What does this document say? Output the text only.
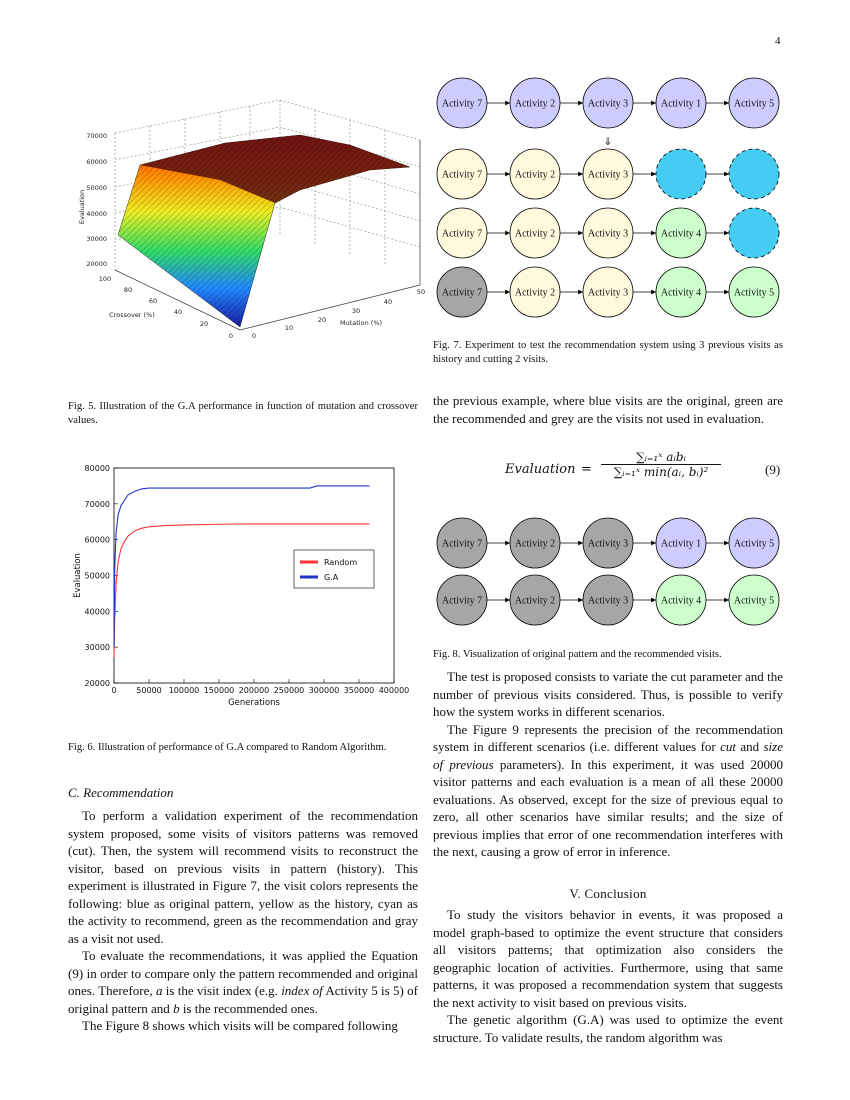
4
70000
60000
50000
40000
30000
20000
Evaluation
100
80
60
40
20
0
Crossover (%)
0
10
20
30
40
50
Mutation (%)
Fig. 5. Illustration of the G.A performance in function of mutation and crossover values.
0 50000 100000 150000 200000 250000 300000 350000 400000
20000
30000
40000
50000
60000
70000
80000
Generations
Evaluation	Random
G.A
Fig. 6. Illustration of performance of G.A compared to Random Algorithm.
C. Recommendation

To perform a validation experiment of the recommendation system proposed, some visits of visitors patterns was removed (cut). Then, the system will recommend visits to reconstruct the visitor, based on previous visits in pattern (history). This experiment is illustrated in Figure 7, the visit colors represents the following: blue as original pattern, yellow as the history, cyan as the activity to recommend, green as the recommendation and gray as a visit not used.

To evaluate the recommendations, it was applied the Equation (9) in order to compare only the pattern recommended and original ones. Therefore, a is the visit index (e.g. index of Activity 5 is 5) of original pattern and b is the recommended ones.

The Figure 8 shows which visits will be compared following

Activity 7	Activity 2	Activity 3	Activity 1	Activity 5
Activity 7	Activity 2	Activity 3
Activity 7	Activity 2	Activity 3	Activity 4
Activity 7	Activity 2	Activity 3	Activity 4	Activity 5
⇓
Fig. 7. Experiment to test the recommendation system using 3 previous visits as history and cutting 2 visits.

the previous example, where blue visits are the original, green are the recommended and grey are the visits not used in evaluation.

Evaluation =
∑ᵢ₌₁ˣ aᵢbᵢ
∑ᵢ₌₁ˣ min(aᵢ, bᵢ)²	(9)
Activity 7	Activity 2	Activity 3	Activity 1	Activity 5
Activity 7	Activity 2	Activity 3	Activity 4	Activity 5
Fig. 8. Visualization of original pattern and the recommended visits.

The test is proposed consists to variate the cut parameter and the number of previous visits considered. Thus, is possible to verify how the system works in different scenarios.

The Figure 9 represents the precision of the recommendation system in different scenarios (i.e. different values for cut and size of previous parameters). In this experiment, it was used 20000 visitor patterns and each evaluation is a mean of all these 20000 evaluations. As observed, except for the size of previous equal to zero, all other scenarios have similar results; and the size of previous implies that error of one recommendation interferes with the next, causing a grow of error in inference.

V. Conclusion

To study the visitors behavior in events, it was proposed a model graph-based to optimize the event structure that considers all visitors patterns; that optimization also considers the geographic location of activities. Furthermore, using that same patterns, it was proposed a recommendation system that suggests the next activity to visit based on previous visits.

The genetic algorithm (G.A) was used to optimize the event structure. To validate results, the random algorithm was
